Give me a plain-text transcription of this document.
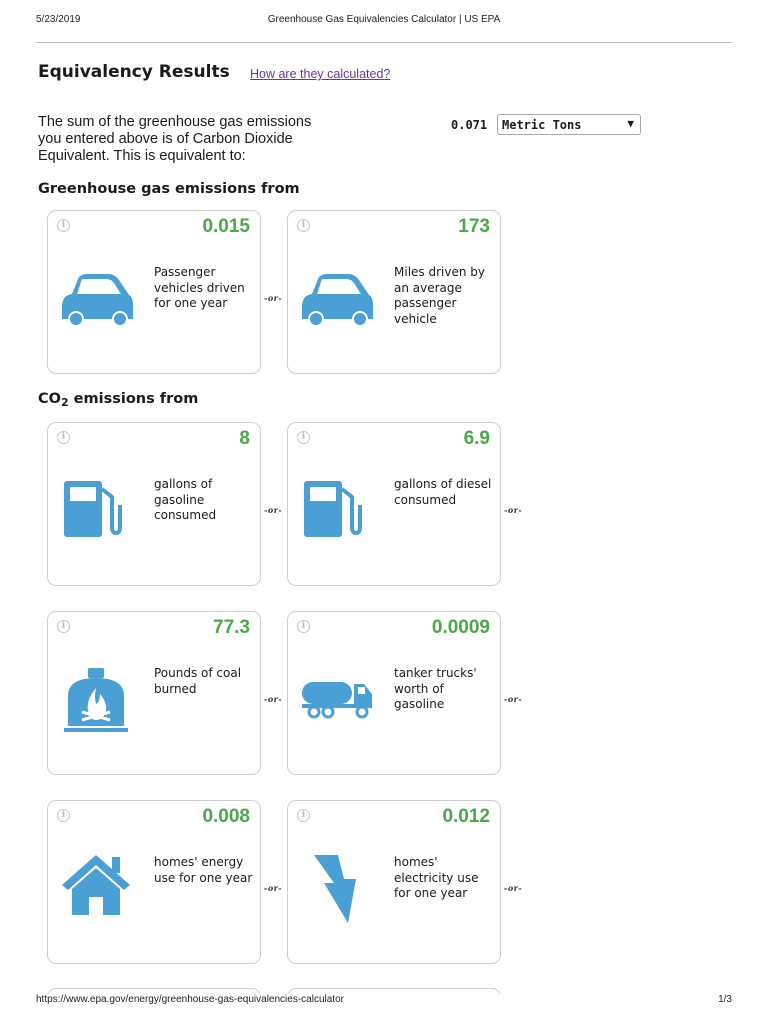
5/23/2019	Greenhouse Gas Equivalencies Calculator | US EPA
Equivalency Results How are they calculated?
The sum of the greenhouse gas emissions you entered above is of Carbon Dioxide Equivalent. This is equivalent to:
0.071	Metric Tons	▼
Greenhouse gas emissions from
i	0.015
Passenger vehicles driven for one year	-or-
i	173
Miles driven by an average passenger vehicle
$CO_2$ emissions from
i	8
gallons of gasoline consumed	-or-
i	6.9
gallons of diesel consumed
-or-
i	77.3
Pounds of coal burned
-or-
i	0.0009
tanker trucks' worth of gasoline	-or-
i	0.008
homes' energy use for one year
-or-
i	0.012
homes' electricity use for one year	-or-
https://www.epa.gov/energy/greenhouse-gas-equivalencies-calculator	1/3
